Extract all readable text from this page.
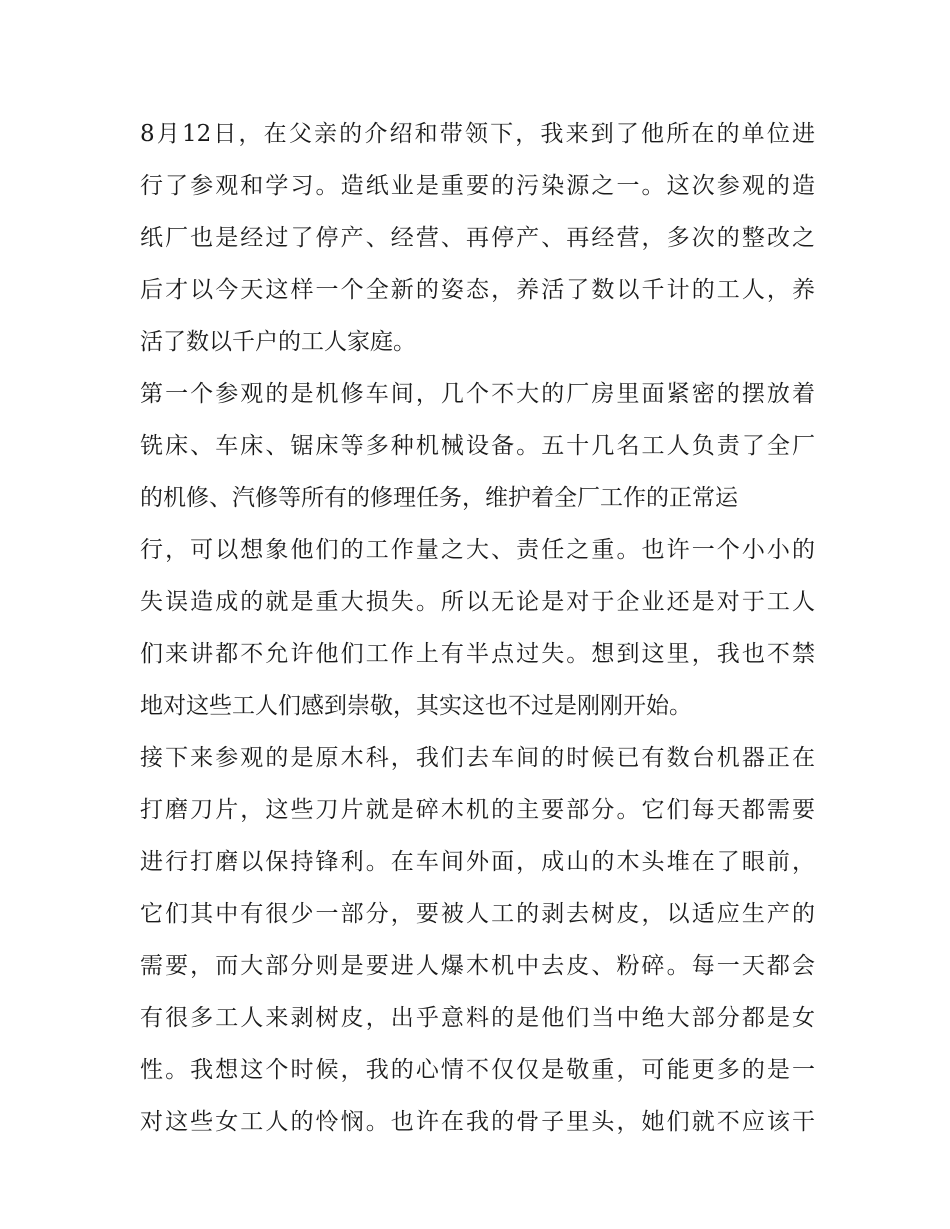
8月12日，在父亲的介绍和带领下，我来到了他所在的单位进
行了参观和学习。造纸业是重要的污染源之一。这次参观的造
纸厂也是经过了停产、经营、再停产、再经营，多次的整改之
后才以今天这样一个全新的姿态，养活了数以千计的工人，养
活了数以千户的工人家庭。
第一个参观的是机修车间，几个不大的厂房里面紧密的摆放着
铣床、车床、锯床等多种机械设备。五十几名工人负责了全厂
的机修、汽修等所有的修理任务，维护着全厂工作的正常运
行，可以想象他们的工作量之大、责任之重。也许一个小小的
失误造成的就是重大损失。所以无论是对于企业还是对于工人
们来讲都不允许他们工作上有半点过失。想到这里，我也不禁
地对这些工人们感到崇敬，其实这也不过是刚刚开始。
接下来参观的是原木科，我们去车间的时候已有数台机器正在
打磨刀片，这些刀片就是碎木机的主要部分。它们每天都需要
进行打磨以保持锋利。在车间外面，成山的木头堆在了眼前，
它们其中有很少一部分，要被人工的剥去树皮，以适应生产的
需要，而大部分则是要进人爆木机中去皮、粉碎。每一天都会
有很多工人来剥树皮，出乎意料的是他们当中绝大部分都是女
性。我想这个时候，我的心情不仅仅是敬重，可能更多的是一
对这些女工人的怜悯。也许在我的骨子里头，她们就不应该干
